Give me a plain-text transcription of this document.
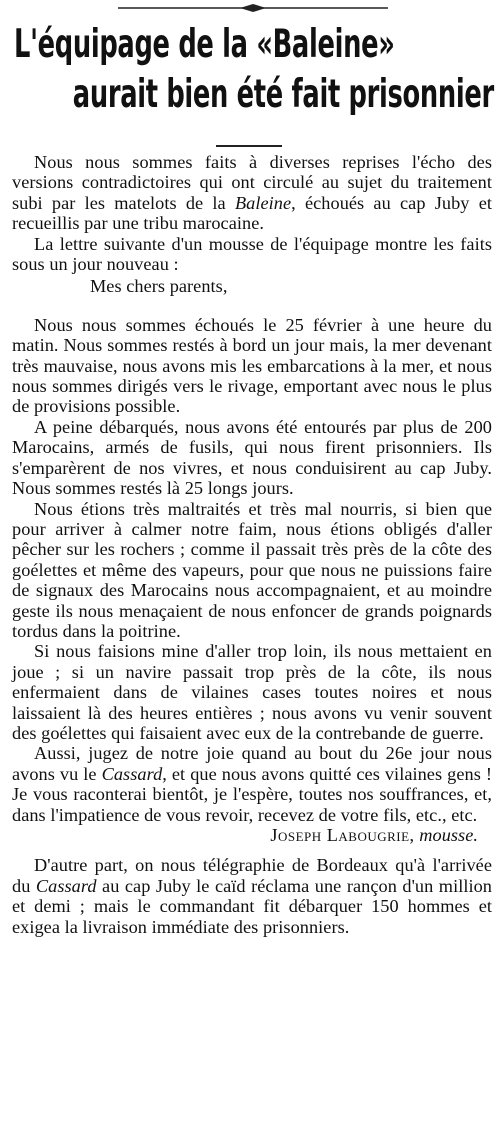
L'équipage de la «Baleine»
aurait bien été fait prisonnier

Nous nous sommes faits à diverses reprises l'écho des versions contradictoires qui ont circulé au sujet du traitement subi par les matelots de la Baleine, échoués au cap Juby et recueillis par une tribu marocaine.

La lettre suivante d'un mousse de l'équipage montre les faits sous un jour nouveau :

Mes chers parents,

Nous nous sommes échoués le 25 février à une heure du matin. Nous sommes restés à bord un jour mais, la mer devenant très mauvaise, nous avons mis les embarcations à la mer, et nous nous sommes dirigés vers le rivage, emportant avec nous le plus de provisions possible.

A peine débarqués, nous avons été entourés par plus de 200 Marocains, armés de fusils, qui nous firent prisonniers. Ils s'emparèrent de nos vivres, et nous conduisirent au cap Juby. Nous sommes restés là 25 longs jours.

Nous étions très maltraités et très mal nourris, si bien que pour arriver à calmer notre faim, nous étions obligés d'aller pêcher sur les rochers ; comme il passait très près de la côte des goélettes et même des vapeurs, pour que nous ne puissions faire de signaux des Marocains nous accompagnaient, et au moindre geste ils nous menaçaient de nous enfoncer de grands poignards tordus dans la poitrine.

Si nous faisions mine d'aller trop loin, ils nous mettaient en joue ; si un navire passait trop près de la côte, ils nous enfermaient dans de vilaines cases toutes noires et nous laissaient là des heures entières ; nous avons vu venir souvent des goélettes qui faisaient avec eux de la contrebande de guerre.

Aussi, jugez de notre joie quand au bout du 26e jour nous avons vu le Cassard, et que nous avons quitté ces vilaines gens ! Je vous raconterai bientôt, je l'espère, toutes nos souffrances, et, dans l'impatience de vous revoir, recevez de votre fils, etc., etc.

Joseph Labougrie, mousse.

D'autre part, on nous télégraphie de Bordeaux qu'à l'arrivée du Cassard au cap Juby le caïd réclama une rançon d'un million et demi ; mais le commandant fit débarquer 150 hommes et exigea la livraison immédiate des prisonniers.
